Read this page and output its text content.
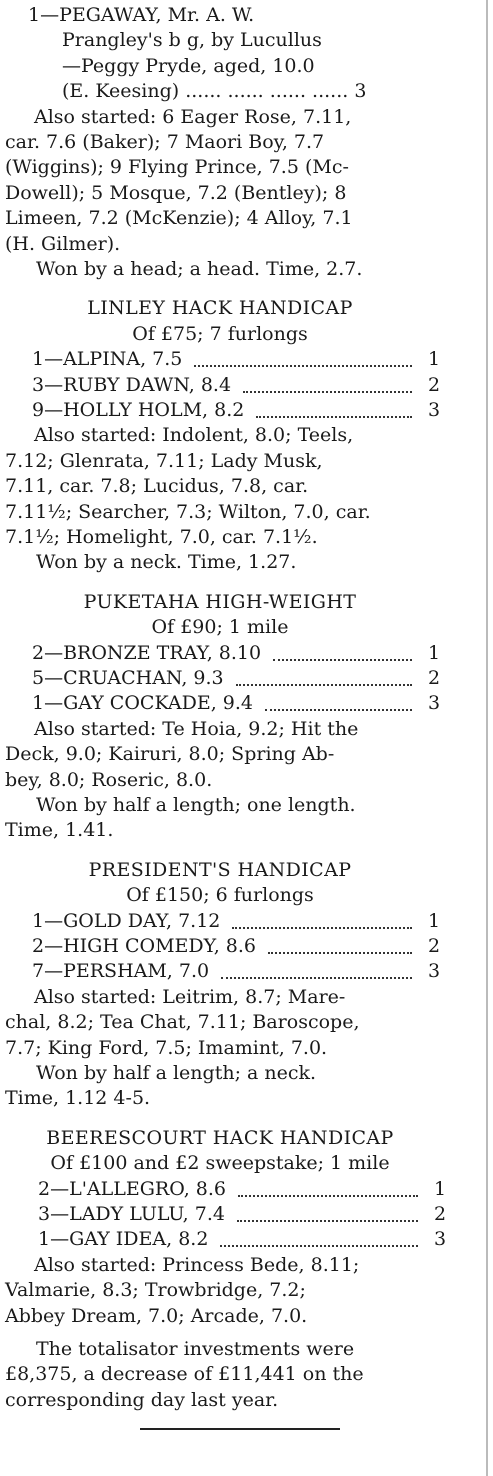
1—PEGAWAY, Mr. A. W.
Prangley's b g, by Lucullus
—Peggy Pryde, aged, 10.0
(E. Keesing) ...... ...... ...... ...... 3
Also started: 6 Eager Rose, 7.11,
car. 7.6 (Baker); 7 Maori Boy, 7.7
(Wiggins); 9 Flying Prince, 7.5 (Mc-
Dowell); 5 Mosque, 7.2 (Bentley); 8
Limeen, 7.2 (McKenzie); 4 Alloy, 7.1
(H. Gilmer).
Won by a head; a head. Time, 2.7.
LINLEY HACK HANDICAP
Of £75; 7 furlongs
1—ALPINA, 7.5	1
3—RUBY DAWN, 8.4	2
9—HOLLY HOLM, 8.2	3
Also started: Indolent, 8.0; Teels,
7.12; Glenrata, 7.11; Lady Musk,
7.11, car. 7.8; Lucidus, 7.8, car.
7.11½; Searcher, 7.3; Wilton, 7.0, car.
7.1½; Homelight, 7.0, car. 7.1½.
Won by a neck. Time, 1.27.
PUKETAHA HIGH-WEIGHT
Of £90; 1 mile
2—BRONZE TRAY, 8.10	1
5—CRUACHAN, 9.3	2
1—GAY COCKADE, 9.4	3
Also started: Te Hoia, 9.2; Hit the
Deck, 9.0; Kairuri, 8.0; Spring Ab-
bey, 8.0; Roseric, 8.0.
Won by half a length; one length.
Time, 1.41.
PRESIDENT'S HANDICAP
Of £150; 6 furlongs
1—GOLD DAY, 7.12	1
2—HIGH COMEDY, 8.6	2
7—PERSHAM, 7.0	3
Also started: Leitrim, 8.7; Mare-
chal, 8.2; Tea Chat, 7.11; Baroscope,
7.7; King Ford, 7.5; Imamint, 7.0.
Won by half a length; a neck.
Time, 1.12 4-5.
BEERESCOURT HACK HANDICAP
Of £100 and £2 sweepstake; 1 mile
2—L'ALLEGRO, 8.6	1
3—LADY LULU, 7.4	2
1—GAY IDEA, 8.2	3
Also started: Princess Bede, 8.11;
Valmarie, 8.3; Trowbridge, 7.2;
Abbey Dream, 7.0; Arcade, 7.0.
The totalisator investments were
£8,375, a decrease of £11,441 on the
corresponding day last year.
